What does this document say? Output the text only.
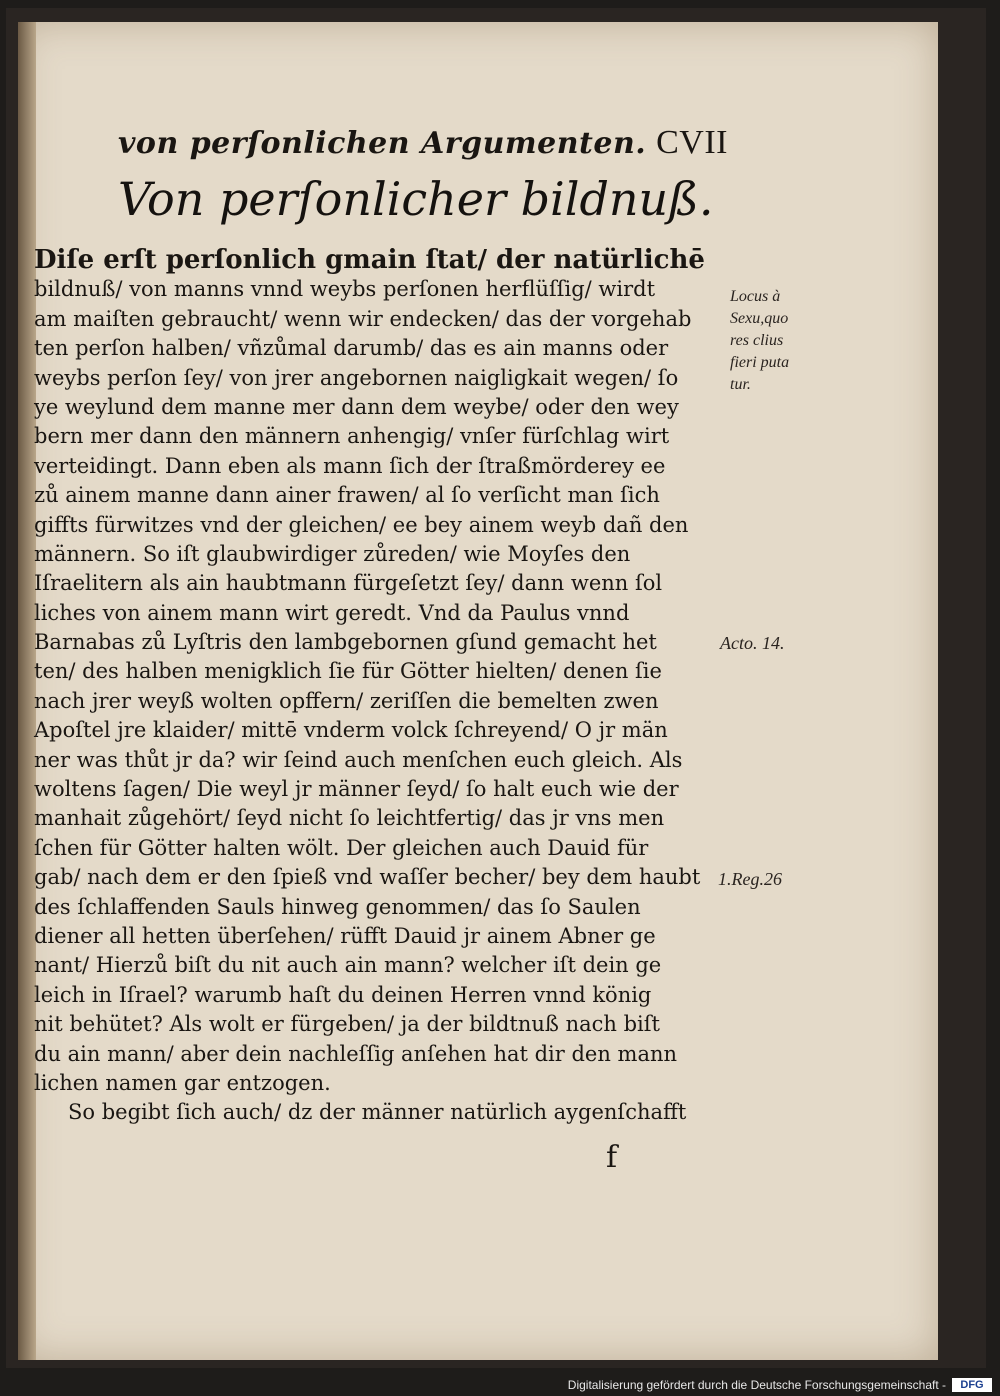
von perſonlichen Argumenten. CVII
Von perſonlicher bildnuß.
Diſe erſt perſonlich gmain ſtat/ der natürlichē
bildnuß/ von manns vnnd weybs perſonen herflüſſig/ wirdt
am maiſten gebraucht/ wenn wir endecken/ das der vorgehab
ten perſon halben/ vñzůmal darumb/ das es ain manns oder
weybs perſon ſey/ von jrer angebornen naigligkait wegen/ ſo
ye weylund dem manne mer dann dem weybe/ oder den wey
bern mer dann den männern anhengig/ vnſer fürſchlag wirt
verteidingt. Dann eben als mann ſich der ſtraßmörderey ee
zů ainem manne dann ainer frawen/ al ſo verſicht man ſich
giffts fürwitzes vnd der gleichen/ ee bey ainem weyb dañ den
männern. So iſt glaubwirdiger zůreden/ wie Moyſes den
Iſraelitern als ain haubtmann fürgeſetzt ſey/ dann wenn ſol
liches von ainem mann wirt geredt. Vnd da Paulus vnnd
Barnabas zů Lyſtris den lambgebornen gſund gemacht het
ten/ des halben menigklich ſie für Götter hielten/ denen ſie
nach jrer weyß wolten opffern/ zeriſſen die bemelten zwen
Apoſtel jre klaider/ mittē vnderm volck ſchreyend/ O jr män
ner was thůt jr da? wir ſeind auch menſchen euch gleich. Als
woltens ſagen/ Die weyl jr männer ſeyd/ ſo halt euch wie der
manhait zůgehört/ ſeyd nicht ſo leichtfertig/ das jr vns men
ſchen für Götter halten wölt. Der gleichen auch Dauid für
gab/ nach dem er den ſpieß vnd waſſer becher/ bey dem haubt
des ſchlaffenden Sauls hinweg genommen/ das ſo Saulen
diener all hetten überſehen/ rüfft Dauid jr ainem Abner ge
nant/ Hierzů biſt du nit auch ain mann? welcher iſt dein ge
leich in Iſrael? warumb haſt du deinen Herren vnnd könig
nit behütet? Als wolt er fürgeben/ ja der bildtnuß nach biſt
du ain mann/ aber dein nachleſſig anſehen hat dir den mann
lichen namen gar entzogen.
So begibt ſich auch/ dz der männer natürlich aygenſchafft
Locus à
Sexu,quo
res clius
fieri puta
tur.
Acto. 14.
1.Reg.26
f
Digitalisierung gefördert durch die Deutsche Forschungsgemeinschaft -	DFG
